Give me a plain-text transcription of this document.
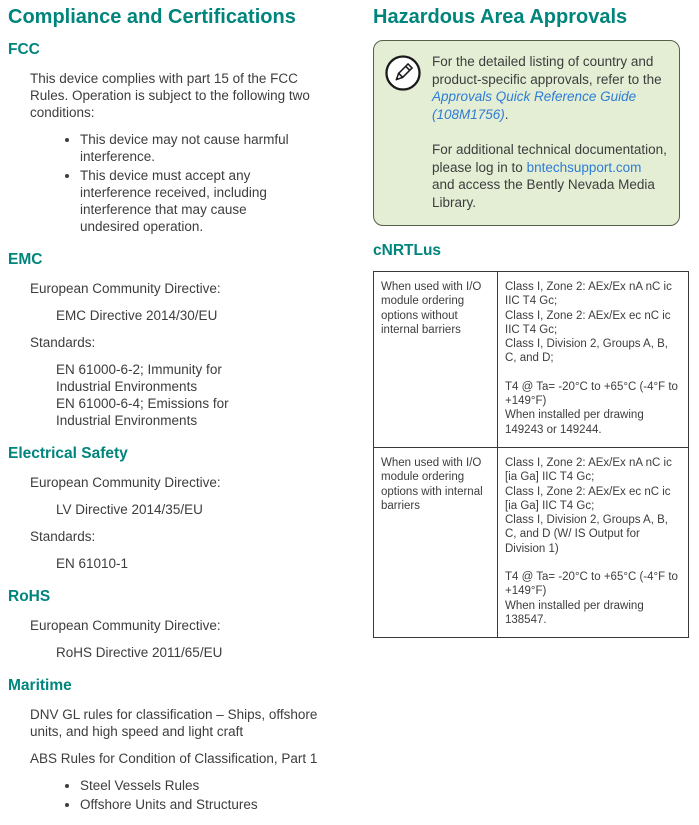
Compliance and Certifications
FCC

This device complies with part 15 of the FCC Rules. Operation is subject to the following two conditions:

• This device may not cause harmful interference.
• This device must accept any interference received, including interference that may cause undesired operation.
EMC

European Community Directive:

EMC Directive 2014/30/EU

Standards:

EN 61000-6-2; Immunity for Industrial Environments
EN 61000-6-4; Emissions for Industrial Environments
Electrical Safety

European Community Directive:

LV Directive 2014/35/EU

Standards:

EN 61010-1

RoHS

European Community Directive:

RoHS Directive 2011/65/EU

Maritime

DNV GL rules for classification – Ships, offshore units, and high speed and light craft

ABS Rules for Condition of Classification, Part 1

• Steel Vessels Rules
• Offshore Units and Structures
Hazardous Area Approvals

For the detailed listing of country and product-specific approvals, refer to the Approvals Quick Reference Guide (108M1756).

For additional technical documentation, please log in to bntechsupport.com and access the Bently Nevada Media Library.

cNRTLus
When used with I/O module ordering options without internal barriers	Class I, Zone 2: AEx/Ex nA nC ic IIC T4 Gc;
Class I, Zone 2: AEx/Ex ec nC ic IIC T4 Gc;
Class I, Division 2, Groups A, B, C, and D;
T4 @ Ta= -20°C to +65°C (-4°F to +149°F)
When installed per drawing 149243 or 149244.

When used with I/O module ordering options with internal barriers	Class I, Zone 2: AEx/Ex nA nC ic [ia Ga] IIC T4 Gc;
Class I, Zone 2: AEx/Ex ec nC ic [ia Ga] IIC T4 Gc;
Class I, Division 2, Groups A, B, C, and D (W/ IS Output for Division 1)
T4 @ Ta= -20°C to +65°C (-4°F to +149°F)
When installed per drawing 138547.
